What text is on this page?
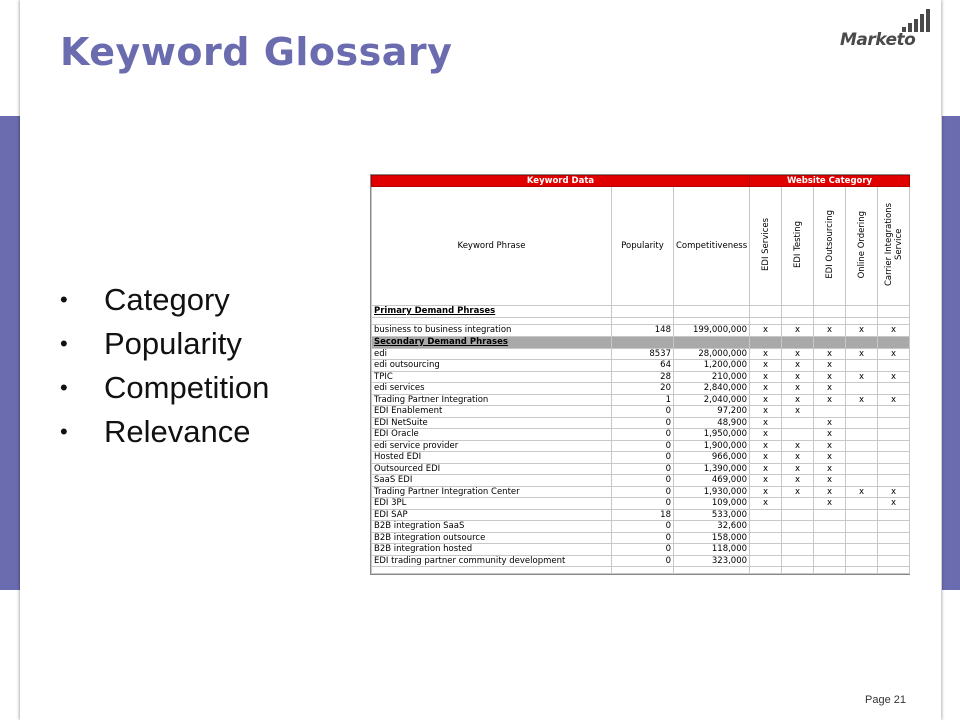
Keyword Glossary	Marketo
• Category
• Popularity
• Competition
• Relevance
Keyword Data			Website Category				
Keyword Phrase	Popularity	Competitiveness	EDI Services	EDI Testing	EDI Outsourcing	Online Ordering	Carrier Integrations Service
Primary Demand Phrases							

business to business integration	148	199,000,000	x	x	x	x	x
Secondary Demand Phrases							
edi	8537	28,000,000	x	x	x	x	x
edi outsourcing	64	1,200,000	x	x	x		
TPIC	28	210,000	x	x	x	x	x
edi services	20	2,840,000	x	x	x		
Trading Partner Integration	1	2,040,000	x	x	x	x	x
EDI Enablement	0	97,200	x	x			
EDI NetSuite	0	48,900	x		x		
EDI Oracle	0	1,950,000	x		x		
edi service provider	0	1,900,000	x	x	x		
Hosted EDI	0	966,000	x	x	x		
Outsourced EDI	0	1,390,000	x	x	x		
SaaS EDI	0	469,000	x	x	x		
Trading Partner Integration Center	0	1,930,000	x	x	x	x	x
EDI 3PL	0	109,000	x		x		x
EDI SAP	18	533,000					
B2B integration SaaS	0	32,600					
B2B integration outsource	0	158,000					
B2B integration hosted	0	118,000					
EDI trading partner community development	0	323,000					

Page 21
